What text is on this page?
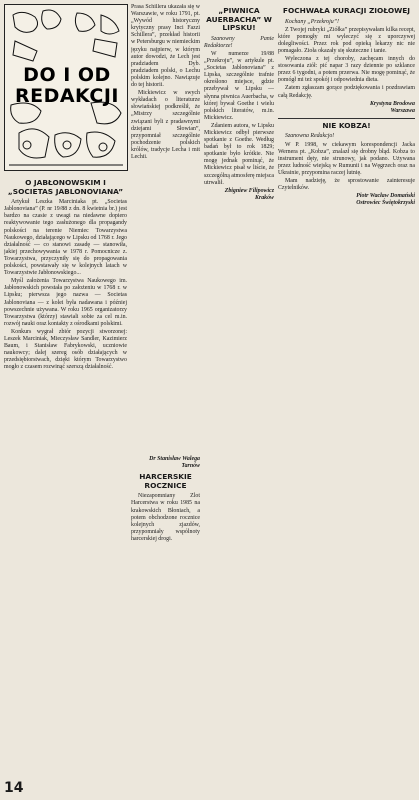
DO I OD
REDAKCJI
O JABŁONOWSKIM I „SOCIETAS JABLONOVIANA”

Artykuł Leszka Marciniaka pt. „Societas Jablonoviana” (P. nr 19/88 z dn. 8 kwietnia br.) jest bardzo na czasie z uwagi na niedawne dopiero reaktywowanie tego zasłużonego dla propagandy polskości na terenie Niemiec Towarzystwa Naukowego, działającego w Lipsku od 1768 r. Jego działalność — co stanowi zasadę — stanowiła, jakiej przechowywania w 1978 r. Pomocnicze z. Towarzystwa, przyczyniły się do propagowania polskości, powstawały się w kolejnych latach w Towarzystwie Jabłonowskiego...

Myśl założenia Towarzystwa Naukowego im. Jabłonowskich powstała po założeniu w 1768 r. w Lipsku; pierwsza jego nazwa — Societas Jablonoviana — z kolei była nadawana i później powszechnie używana. W roku 1965 organizatorzy Towarzystwa (którzy) stawiali sobie za cel m.in. rozwój nauki oraz kontakty z ośrodkami polskimi.

Konkurs wygrał zbiór pozycji stworzonej: Leszek Marciniak, Mieczysław Sandler, Kazimierz Baum, i Stanisław Fabrykowski, uczniowie naukowcy; dalej szereg osób działających w przedsiębiorstwach, dzięki którym Towarzystwo mogło z czasem rozwinąć szerszą działalność.

Prasa Schillera ukazała się w Warszawie, w roku 1791, pt. „Wywód historyczny krytyczny prasy Inci Fazzi Schillera”, przekład historii w Petersburgu w niemieckim języku najpierw, w którym autor dowodzi, że Lech jest pradziadem Dyb. pradziadem polski, o Lechu polskim kolejno. Nawiązuje do tej historii.

Mickiewicz w swych wykładach o literaturze słowiańskiej podkreślił, że „Mistrzy szczególnie związani byli z pradawnymi dziejami Słowian”, przypomniał szczególnie pochodzenie polskich królów, tradycje Lecha i mit Lechii.

Dr Stanisław Walega
Tarnów
HARCERSKIE ROCZNICE

Niezapomniany Zlot Harcerstwa w roku 1985 na krakowskich Błoniach, a potem obchodzone rocznice kolejnych zjazdów, przypomniały wspólnoty harcerskiej drogi.

„PIWNICA AUERBACHA” W LIPSKU!

Szanowny Panie Redaktorze!

W numerze 19/88 „Przekroju”, w artykule pt. „Societas Jablonoviana” z Lipska, szczególnie trafnie określono miejsce, gdzie przebywał w Lipsku — słynna piwnica Auerbacha, w której bywał Goethe i wielu polskich literatów, m.in. Mickiewicz.

Zdaniem autora, w Lipsku Mickiewicz odbył pierwsze spotkanie z Goethe. Według badań był to rok 1829; spotkanie było krótkie. Nie mogę jednak pominąć, że Mickiewicz pisał w liście, że szczególną atmosferę miejsca utrwalił.

Zbigniew Filipowicz
Kraków
FOCHWAŁA KURACJI ZIOŁOWEJ

Kochany „Przekroju”!

Z Twojej rubryki „Ziółka” przepisywałam kilka recept, które pomogły mi wyleczyć się z uporczywej dolegliwości. Przez rok pod opieką lekarzy nic nie pomagało. Zioła okazały się skuteczne i tanie.

Wyleczona z tej choroby, zachęcam innych do stosowania ziół: pić napar 3 razy dziennie po szklance przez 6 tygodni, a potem przerwa. Nie mogę pominąć, że pomógł mi też spokój i odpowiednia dieta.

Zatem zgłaszam gorące podziękowania i pozdrawiam całą Redakcję.

Krystyna Brodowa
Warszawa
NIE KOBZA!

Szanowna Redakcjo!

W P. 1998, w ciekawym korespondencji Jacka Wernera pt. „Kobza”, znalazł się drobny błąd. Kobza to instrument dęty, nie strunowy, jak podano. Używana przez ludność wiejską w Rumunii i na Węgrzech oraz na Ukrainie, przypomina raczej lutnię.

Mam nadzieję, że sprostowanie zainteresuje Czytelników.

Piotr Wacław Domański
Ostrowiec Świętokrzyski
14
